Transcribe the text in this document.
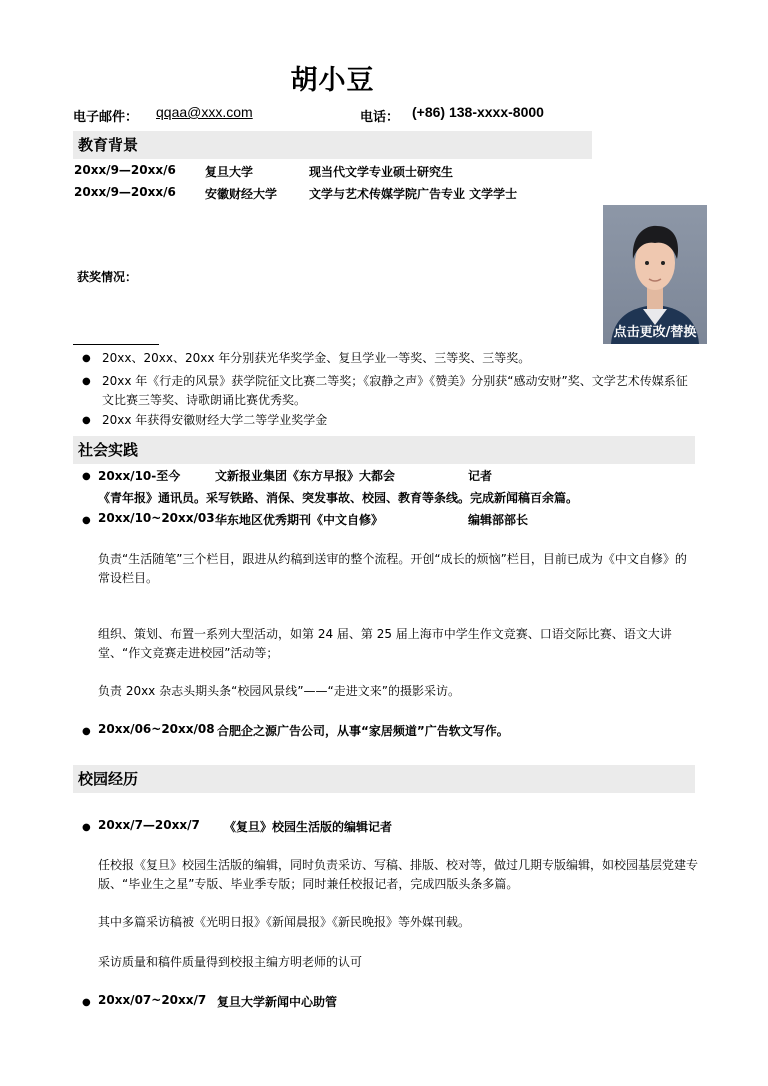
胡小豆
电子邮件： qqaa@xxx.com	电话： (+86) 138-xxxx-8000
教育背景
20xx/9—20xx/6 复旦大学	现当代文学专业硕士研究生
20xx/9—20xx/6 安徽财经大学	文学与艺术传媒学院广告专业 文学学士
点击更改/替换
获奖情况：
● 20xx、20xx、20xx 年分别获光华奖学金、复旦学业一等奖、三等奖、三等奖。
● 20xx 年《行走的风景》获学院征文比赛二等奖；《寂静之声》《赞美》分别获“感动安财”奖、文学艺术传媒系征文比赛三等奖、诗歌朗诵比赛优秀奖。
● 20xx 年获得安徽财经大学二等学业奖学金
社会实践
● 20xx/10-至今	文新报业集团《东方早报》大都会	记者
《青年报》通讯员。采写铁路、消保、突发事故、校园、教育等条线。完成新闻稿百余篇。
● 20xx/10~20xx/03 华东地区优秀期刊《中文自修》	编辑部部长
负责“生活随笔”三个栏目，跟进从约稿到送审的整个流程。开创“成长的烦恼”栏目，目前已成为《中文自修》的常设栏目。
组织、策划、布置一系列大型活动，如第 24 届、第 25 届上海市中学生作文竞赛、口语交际比赛、语文大讲堂、“作文竞赛走进校园”活动等；
负责 20xx 杂志头期头条“校园风景线”——“走进文来”的摄影采访。
● 20xx/06~20xx/08 合肥企之源广告公司，从事“家居频道”广告软文写作。
校园经历
● 20xx/7—20xx/7 《复旦》校园生活版的编辑记者
任校报《复旦》校园生活版的编辑，同时负责采访、写稿、排版、校对等，做过几期专版编辑，如校园基层党建专版、“毕业生之星”专版、毕业季专版；同时兼任校报记者，完成四版头条多篇。
其中多篇采访稿被《光明日报》《新闻晨报》《新民晚报》等外媒刊载。
采访质量和稿件质量得到校报主编方明老师的认可
● 20xx/07~20xx/7 复旦大学新闻中心助管
